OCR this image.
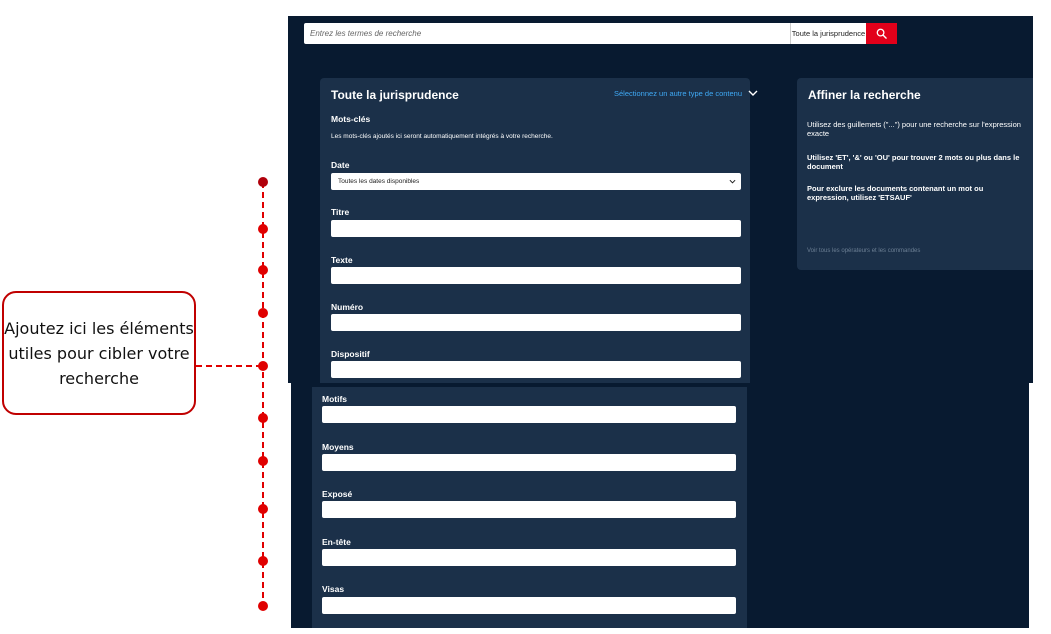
Entrez les termes de recherche
Toute la jurisprudence
Toute la jurisprudence	Sélectionnez un autre type de contenu
Mots-clés
Les mots-clés ajoutés ici seront automatiquement intégrés à votre recherche.
Date
Toutes les dates disponibles
Titre
Texte
Numéro
Dispositif
Motifs
Moyens
Exposé
En-tête
Visas
Affiner la recherche
Utilisez des guillemets ("...") pour une recherche sur l'expression exacte
Utilisez 'ET', '&' ou 'OU' pour trouver 2 mots ou plus dans le document
Pour exclure les documents contenant un mot ou expression, utilisez 'ETSAUF'
Voir tous les opérateurs et les commandes
Ajoutez ici les éléments utiles pour cibler votre recherche
